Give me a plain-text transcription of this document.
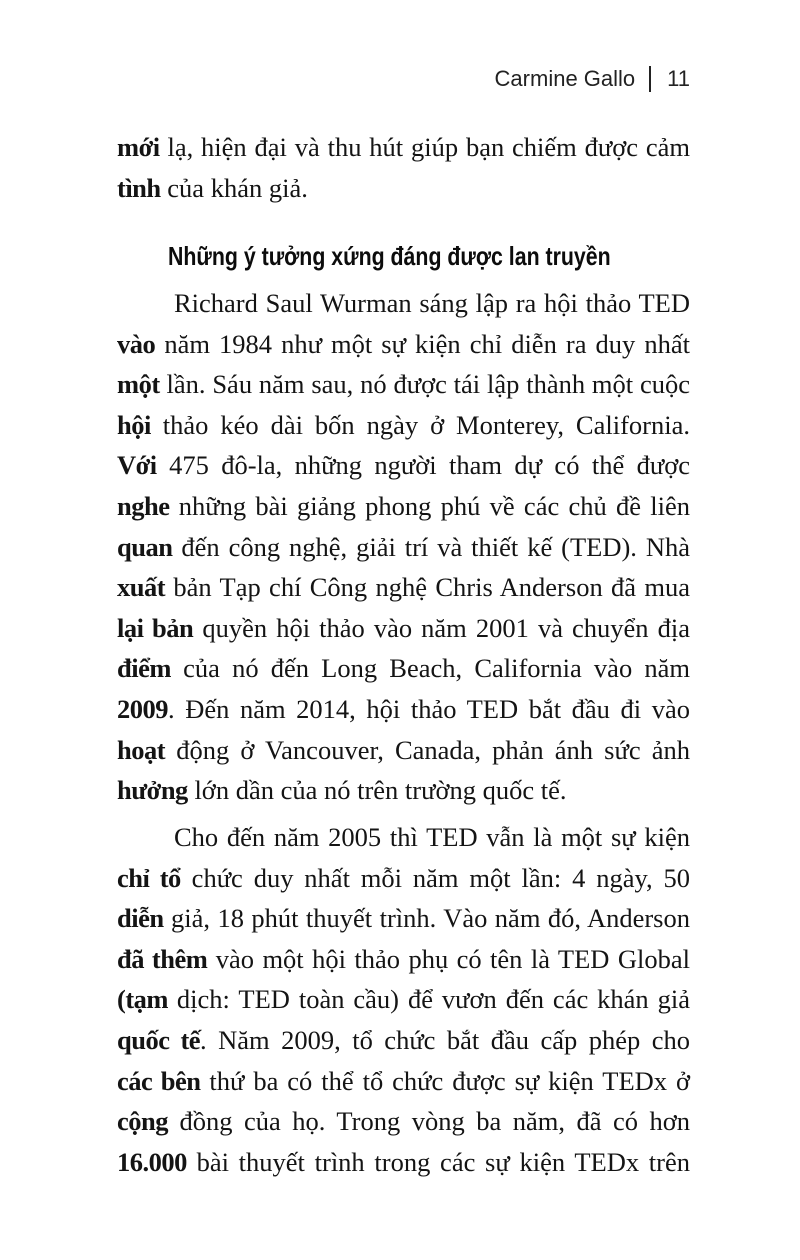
Carmine Gallo 11
mới lạ, hiện đại và thu hút giúp bạn chiếm được cảm
tình của khán giả.
Những ý tưởng xứng đáng được lan truyền
Richard Saul Wurman sáng lập ra hội thảo TED
vào năm 1984 như một sự kiện chỉ diễn ra duy nhất
một lần. Sáu năm sau, nó được tái lập thành một cuộc
hội thảo kéo dài bốn ngày ở Monterey, California.
Với 475 đô-la, những người tham dự có thể được
nghe những bài giảng phong phú về các chủ đề liên
quan đến công nghệ, giải trí và thiết kế (TED). Nhà
xuất bản Tạp chí Công nghệ Chris Anderson đã mua
lại bản quyền hội thảo vào năm 2001 và chuyển địa
điểm của nó đến Long Beach, California vào năm
2009. Đến năm 2014, hội thảo TED bắt đầu đi vào
hoạt động ở Vancouver, Canada, phản ánh sức ảnh
hưởng lớn dần của nó trên trường quốc tế.
Cho đến năm 2005 thì TED vẫn là một sự kiện
chỉ tổ chức duy nhất mỗi năm một lần: 4 ngày, 50
diễn giả, 18 phút thuyết trình. Vào năm đó, Anderson
đã thêm vào một hội thảo phụ có tên là TED Global
(tạm dịch: TED toàn cầu) để vươn đến các khán giả
quốc tế. Năm 2009, tổ chức bắt đầu cấp phép cho
các bên thứ ba có thể tổ chức được sự kiện TEDx ở
cộng đồng của họ. Trong vòng ba năm, đã có hơn
16.000 bài thuyết trình trong các sự kiện TEDx trên
